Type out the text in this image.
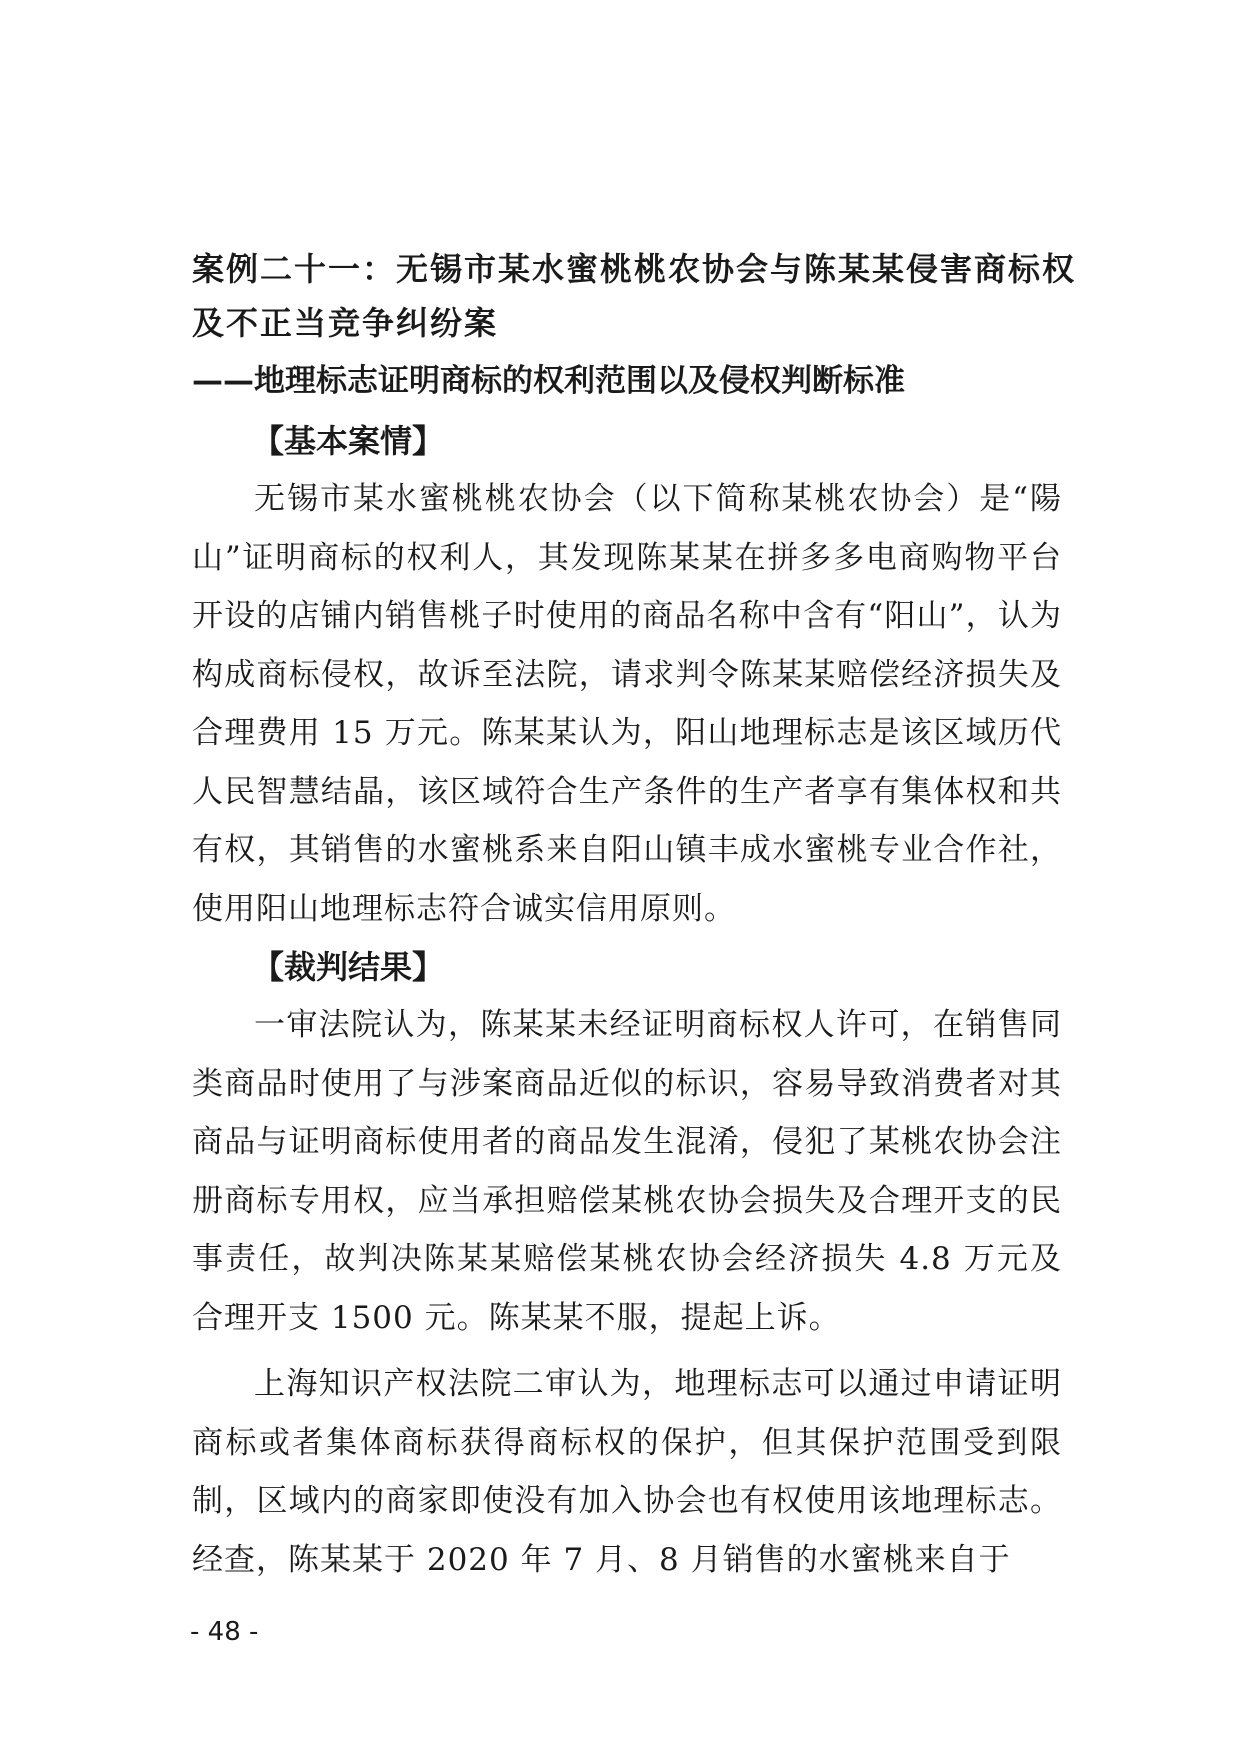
案例二十一：无锡市某水蜜桃桃农协会与陈某某侵害商标权

及不正当竞争纠纷案

——地理标志证明商标的权利范围以及侵权判断标准

【基本案情】

无锡市某水蜜桃桃农协会（以下简称某桃农协会）是“陽山”证明商标的权利人，其发现陈某某在拼多多电商购物平台开设的店铺内销售桃子时使用的商品名称中含有“阳山”，认为构成商标侵权，故诉至法院，请求判令陈某某赔偿经济损失及合理费用 15 万元。陈某某认为，阳山地理标志是该区域历代人民智慧结晶，该区域符合生产条件的生产者享有集体权和共有权，其销售的水蜜桃系来自阳山镇丰成水蜜桃专业合作社，使用阳山地理标志符合诚实信用原则。

【裁判结果】

一审法院认为，陈某某未经证明商标权人许可，在销售同类商品时使用了与涉案商品近似的标识，容易导致消费者对其商品与证明商标使用者的商品发生混淆，侵犯了某桃农协会注册商标专用权，应当承担赔偿某桃农协会损失及合理开支的民事责任，故判决陈某某赔偿某桃农协会经济损失 4.8 万元及合理开支 1500 元。陈某某不服，提起上诉。

上海知识产权法院二审认为，地理标志可以通过申请证明商标或者集体商标获得商标权的保护，但其保护范围受到限制，区域内的商家即使没有加入协会也有权使用该地理标志。经查，陈某某于 2020 年 7 月、8 月销售的水蜜桃来自于

- 48 -
